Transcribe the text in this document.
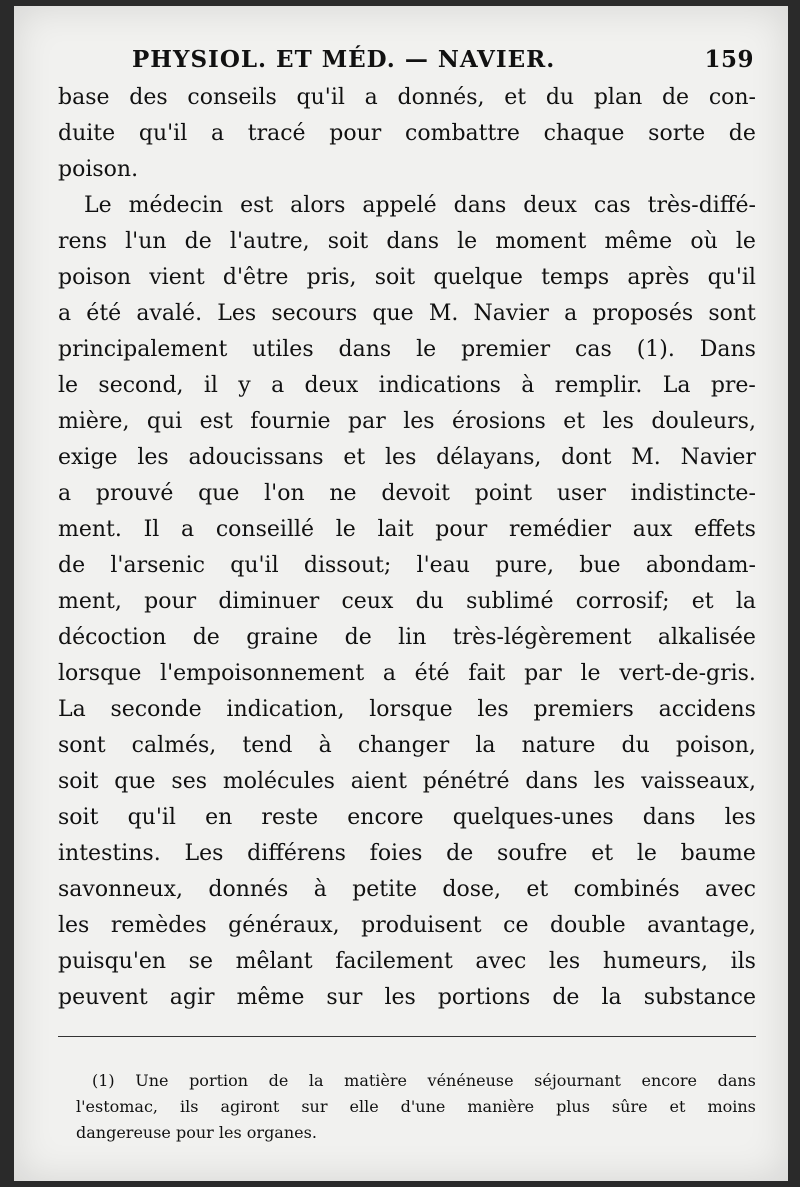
PHYSIOL. ET MÉD. — NAVIER.	159
base des conseils qu'il a donnés, et du plan de con-
duite qu'il a tracé pour combattre chaque sorte de
poison.
Le médecin est alors appelé dans deux cas très-diffé-
rens l'un de l'autre, soit dans le moment même où le
poison vient d'être pris, soit quelque temps après qu'il
a été avalé. Les secours que M. Navier a proposés sont
principalement utiles dans le premier cas (1). Dans
le second, il y a deux indications à remplir. La pre-
mière, qui est fournie par les érosions et les douleurs,
exige les adoucissans et les délayans, dont M. Navier
a prouvé que l'on ne devoit point user indistincte-
ment. Il a conseillé le lait pour remédier aux effets
de l'arsenic qu'il dissout; l'eau pure, bue abondam-
ment, pour diminuer ceux du sublimé corrosif; et la
décoction de graine de lin très-légèrement alkalisée
lorsque l'empoisonnement a été fait par le vert-de-gris.
La seconde indication, lorsque les premiers accidens
sont calmés, tend à changer la nature du poison,
soit que ses molécules aient pénétré dans les vaisseaux,
soit qu'il en reste encore quelques-unes dans les
intestins. Les différens foies de soufre et le baume
savonneux, donnés à petite dose, et combinés avec
les remèdes généraux, produisent ce double avantage,
puisqu'en se mêlant facilement avec les humeurs, ils
peuvent agir même sur les portions de la substance
(1) Une portion de la matière vénéneuse séjournant encore dans
l'estomac, ils agiront sur elle d'une manière plus sûre et moins
dangereuse pour les organes.
